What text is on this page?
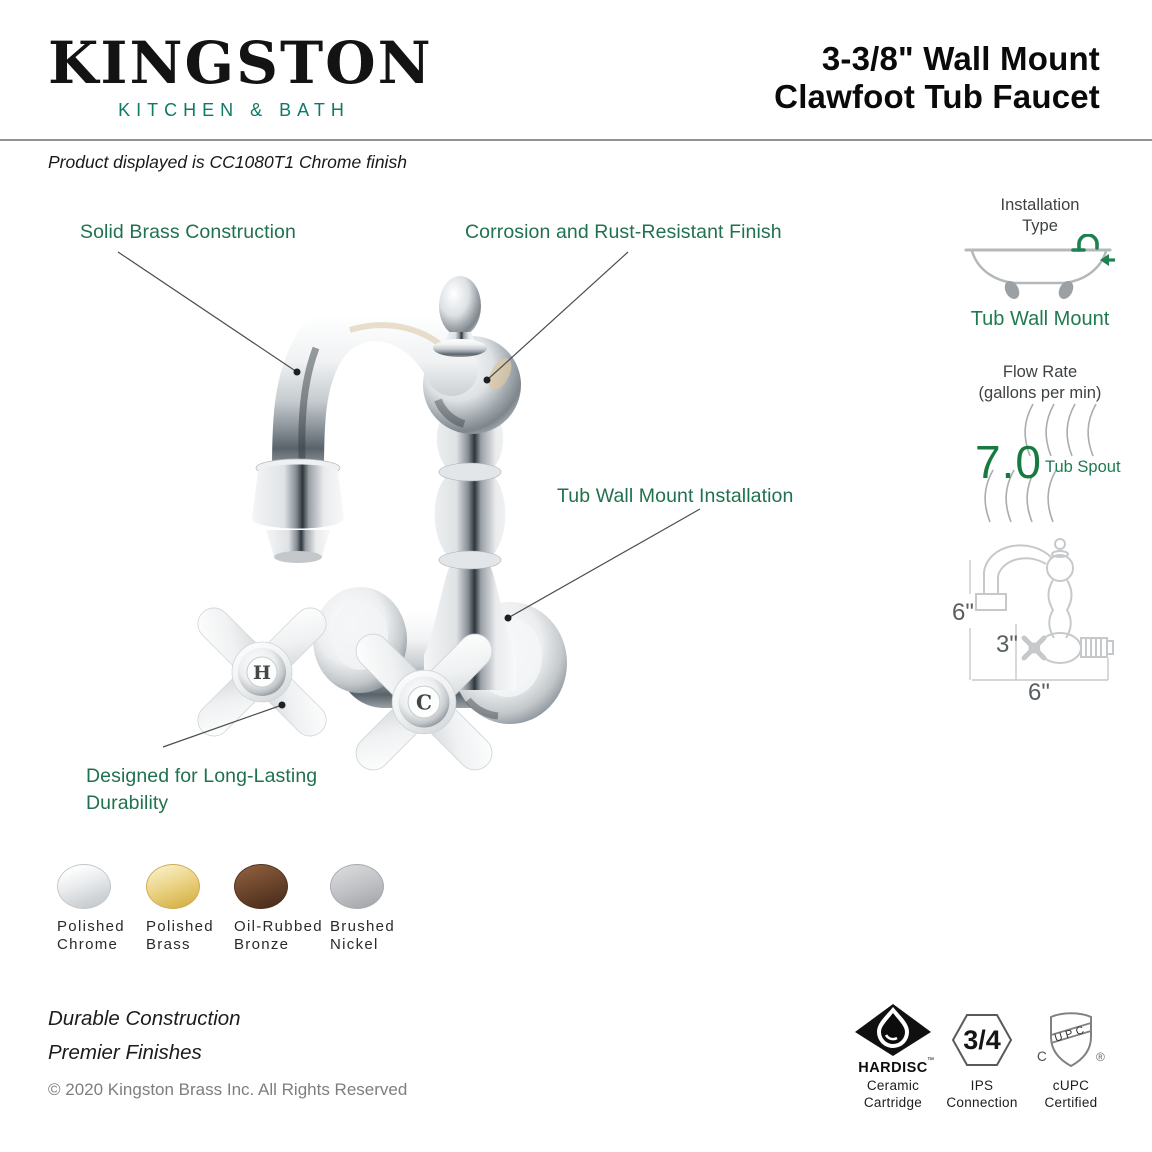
KINGSTON
KITCHEN & BATH
3-3/8" Wall Mount
Clawfoot Tub Faucet
Product displayed is CC1080T1 Chrome finish
Solid Brass Construction	Corrosion and Rust-Resistant Finish
Tub Wall Mount Installation
Designed for Long-Lasting
Durability
H
C
Installation
Type
Tub Wall Mount
Flow Rate
(gallons per min)
7.0 Tub Spout
6"
3"
6"
Polished
Chrome
Polished
Brass
Oil-Rubbed
Bronze
Brushed
Nickel
Durable Construction
Premier Finishes
© 2020 Kingston Brass Inc. All Rights Reserved
HARDISC ™
Ceramic
Cartridge
3/4
IPS
Connection
UPC
C	®
cUPC
Certified
